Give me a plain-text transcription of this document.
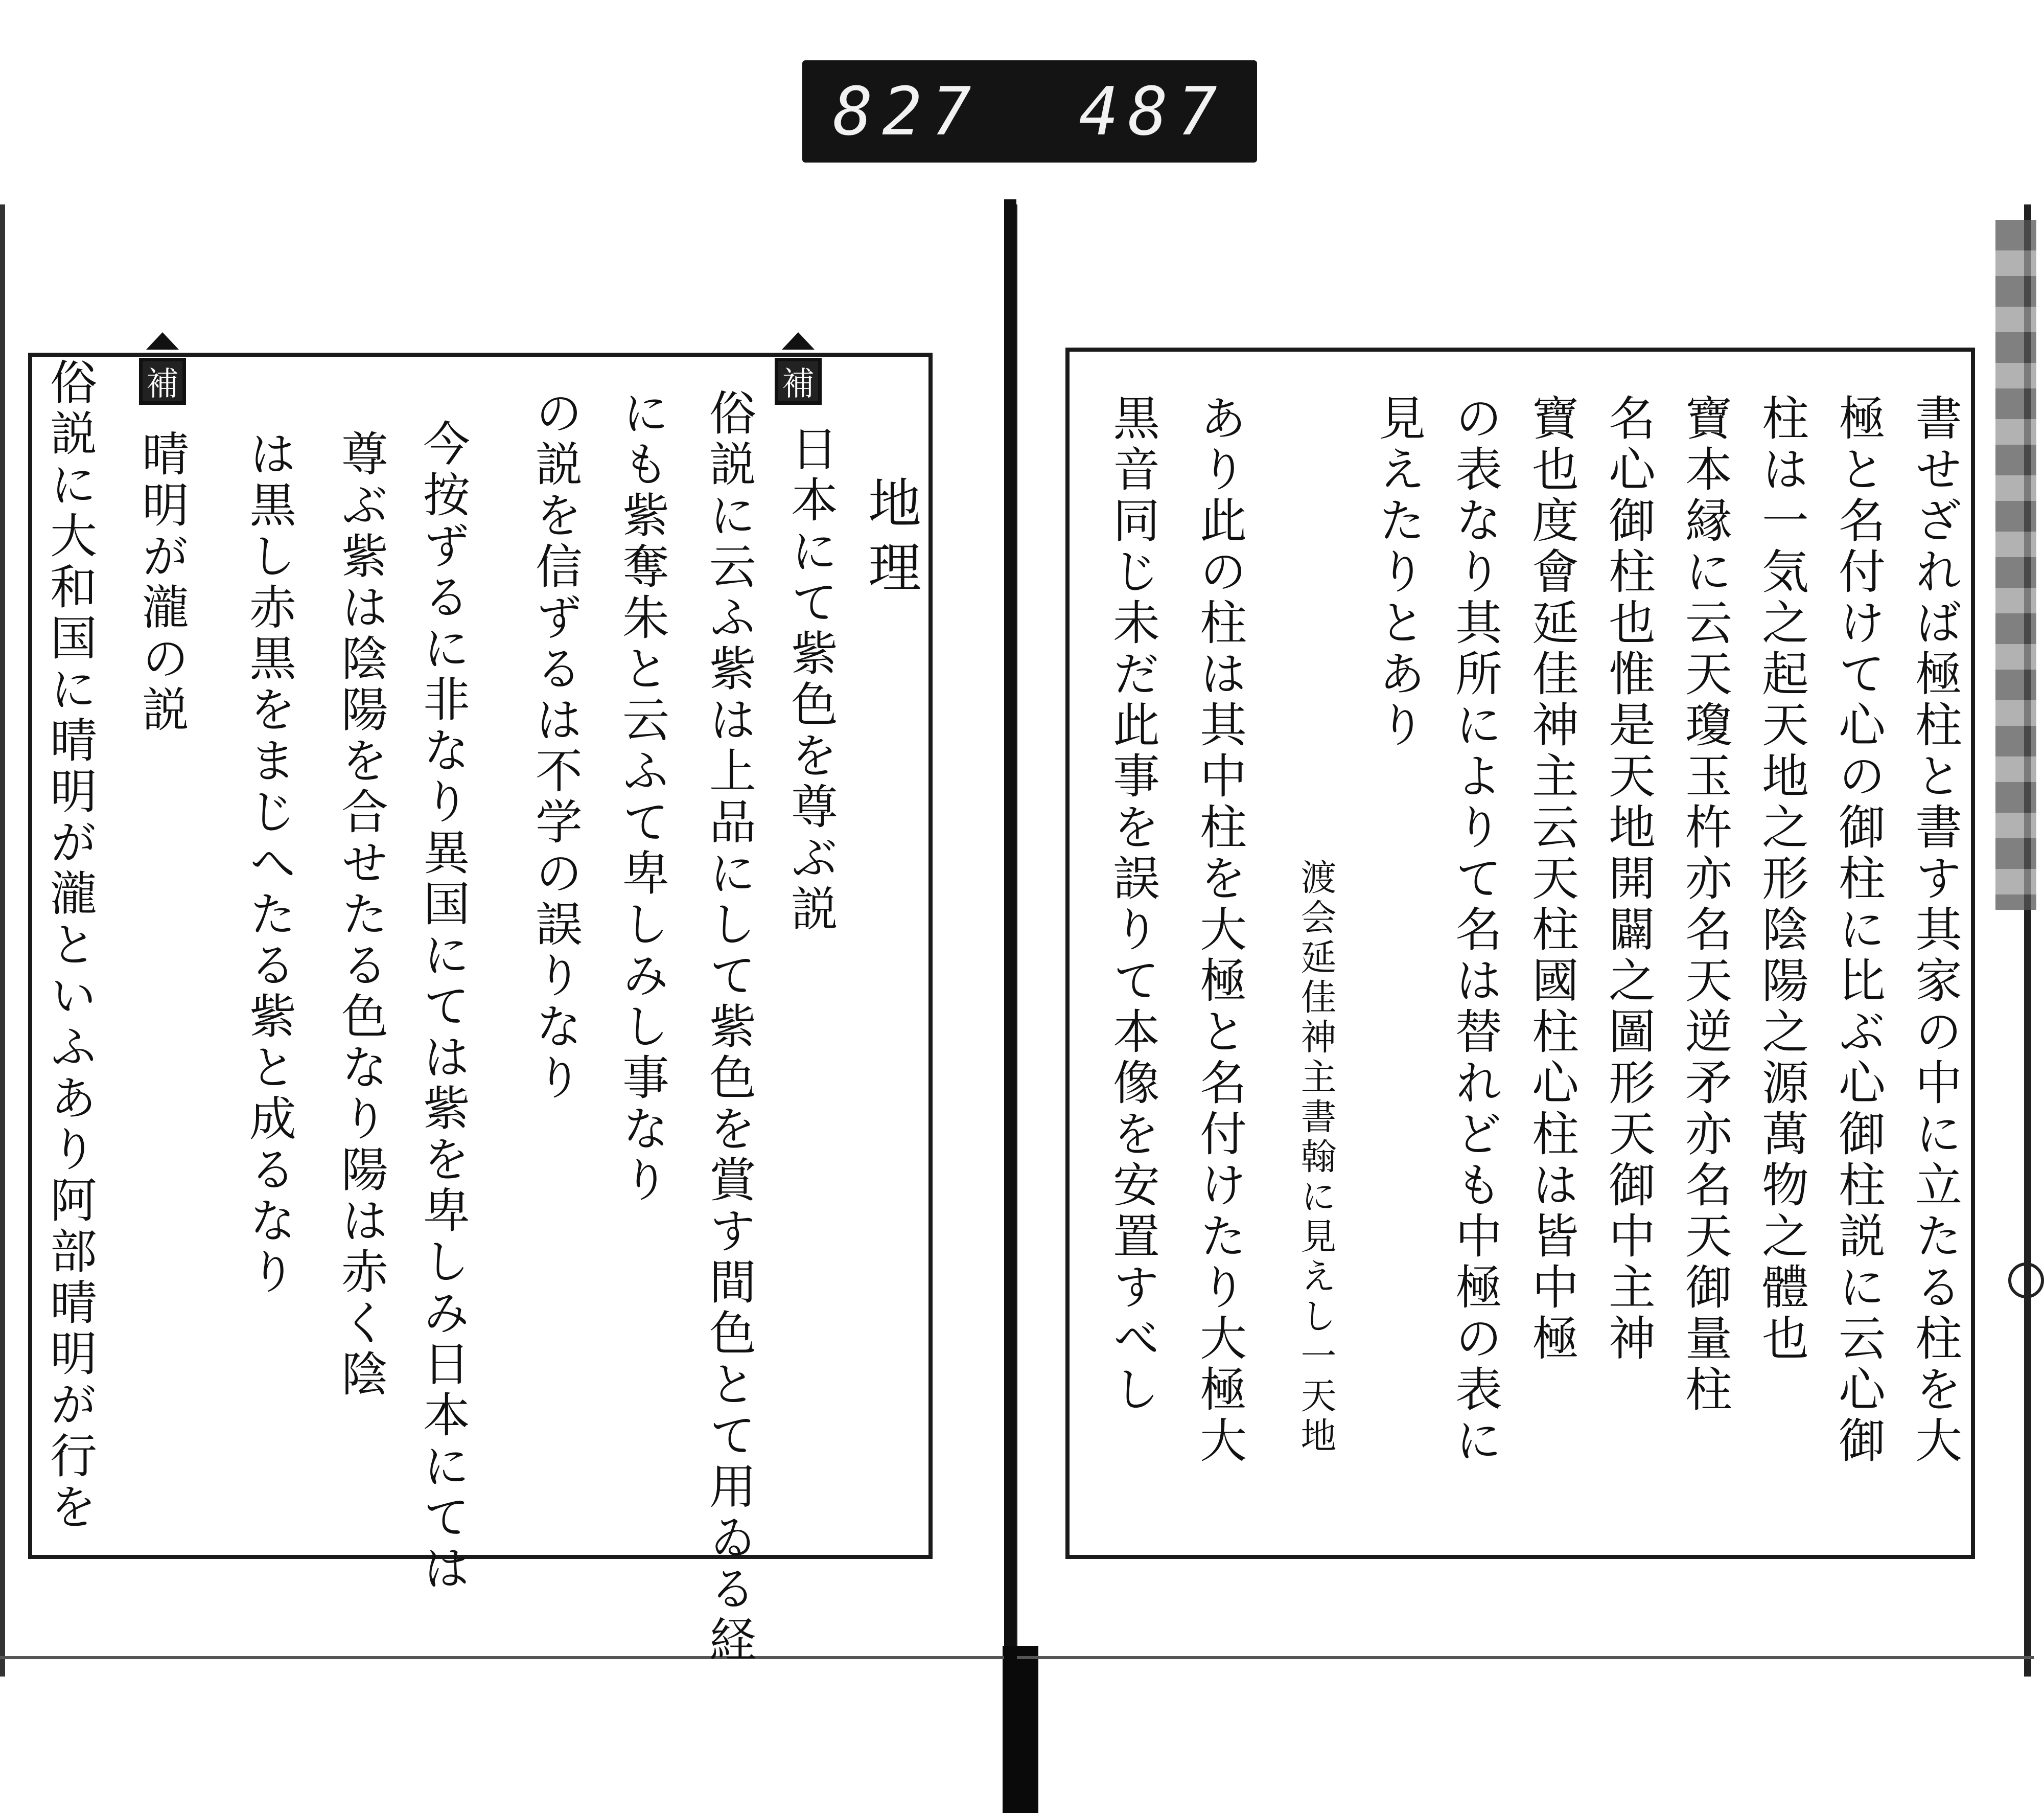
827 487
補
地理
日本にて紫色を尊ぶ説
俗説に云ふ紫は上品にして紫色を賞す間色とて用ゐる経
にも紫奪朱と云ふて卑しみし事なり
の説を信ずるは不学の誤りなり
今按ずるに非なり異国にては紫を卑しみ日本にては
尊ぶ紫は陰陽を合せたる色なり陽は赤く陰
は黒し赤黒をまじへたる紫と成るなり
補
晴明が瀧の説
俗説に大和国に晴明が瀧といふあり阿部晴明が行を	書せざれば極柱と書す其家の中に立たる柱を大
極と名付けて心の御柱に比ぶ心御柱説に云心御
柱は一気之起天地之形陰陽之源萬物之體也
寶本縁に云天瓊玉杵亦名天逆矛亦名天御量柱
名心御柱也惟是天地開闢之圖形天御中主神
寶也度會延佳神主云天柱國柱心柱は皆中極
の表なり其所によりて名は替れども中極の表に
見えたりとあり
渡会延佳神主書翰に見えし一天地
あり此の柱は其中柱を大極と名付けたり大極大
黒音同じ未だ此事を誤りて本像を安置すべし
